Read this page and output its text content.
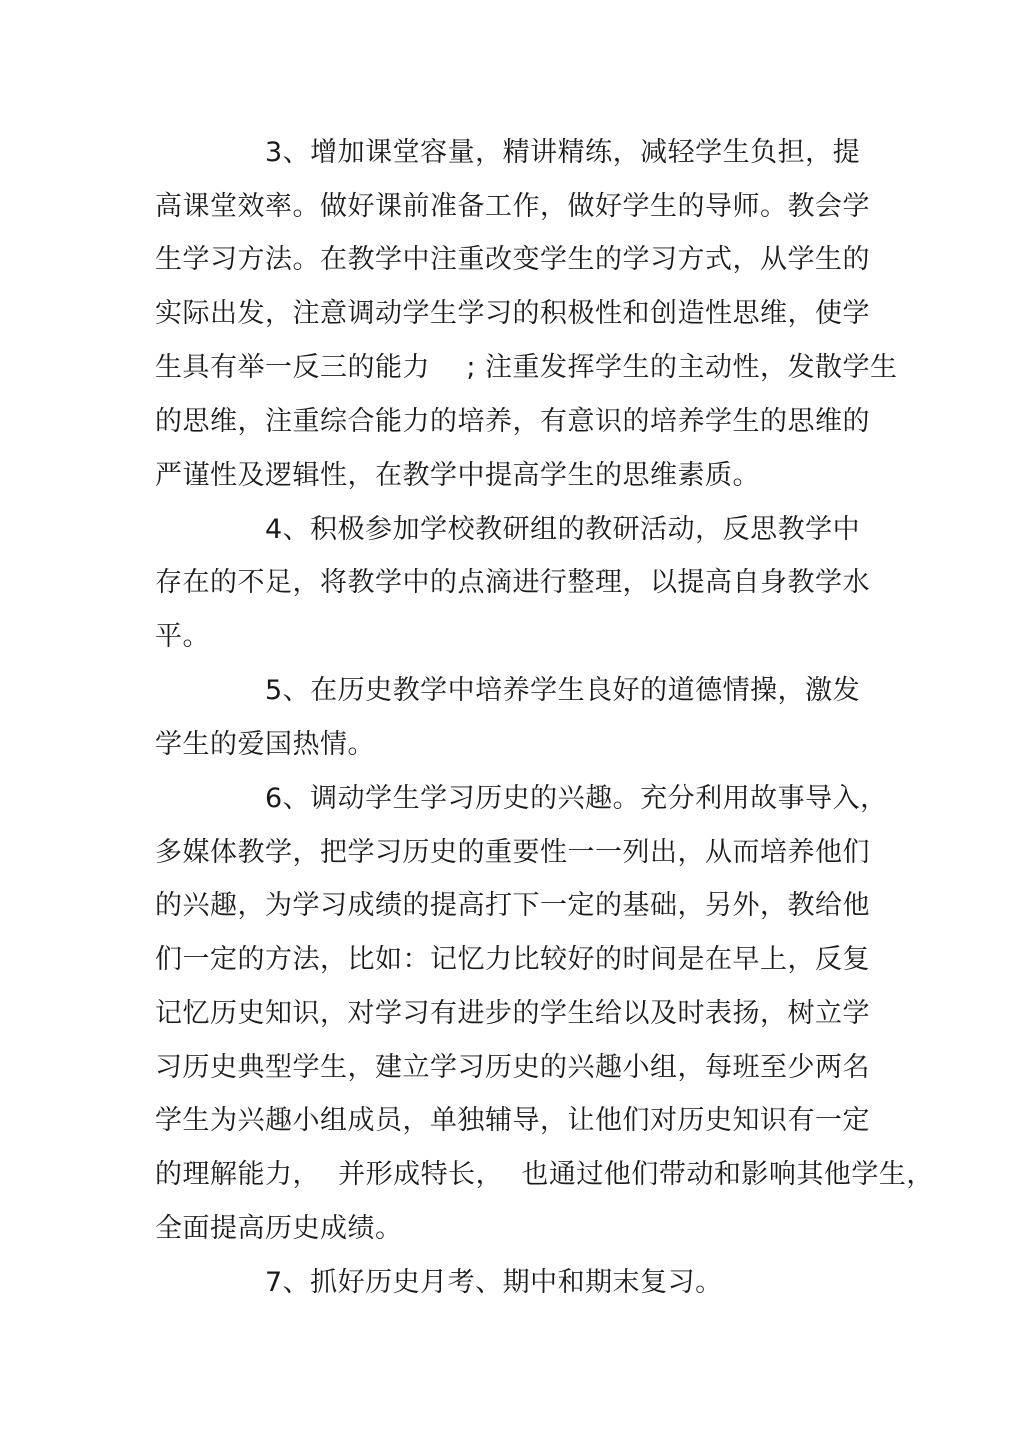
3、增加课堂容量，精讲精练，减轻学生负担，提
高课堂效率。做好课前准备工作，做好学生的导师。教会学
生学习方法。在教学中注重改变学生的学习方式，从学生的
实际出发，注意调动学生学习的积极性和创造性思维，使学
生具有举一反三的能力    ; 注重发挥学生的主动性，发散学生
的思维，注重综合能力的培养，有意识的培养学生的思维的
严谨性及逻辑性，在教学中提高学生的思维素质。
4、积极参加学校教研组的教研活动，反思教学中
存在的不足，将教学中的点滴进行整理，以提高自身教学水
平。
5、在历史教学中培养学生良好的道德情操，激发
学生的爱国热情。
6、调动学生学习历史的兴趣。充分利用故事导入，
多媒体教学，把学习历史的重要性一一列出，从而培养他们
的兴趣，为学习成绩的提高打下一定的基础，另外，教给他
们一定的方法，比如：记忆力比较好的时间是在早上，反复
记忆历史知识，对学习有进步的学生给以及时表扬，树立学
习历史典型学生，建立学习历史的兴趣小组，每班至少两名
学生为兴趣小组成员，单独辅导，让他们对历史知识有一定
的理解能力，  并形成特长，  也通过他们带动和影响其他学生，
全面提高历史成绩。
7、抓好历史月考、期中和期末复习。
